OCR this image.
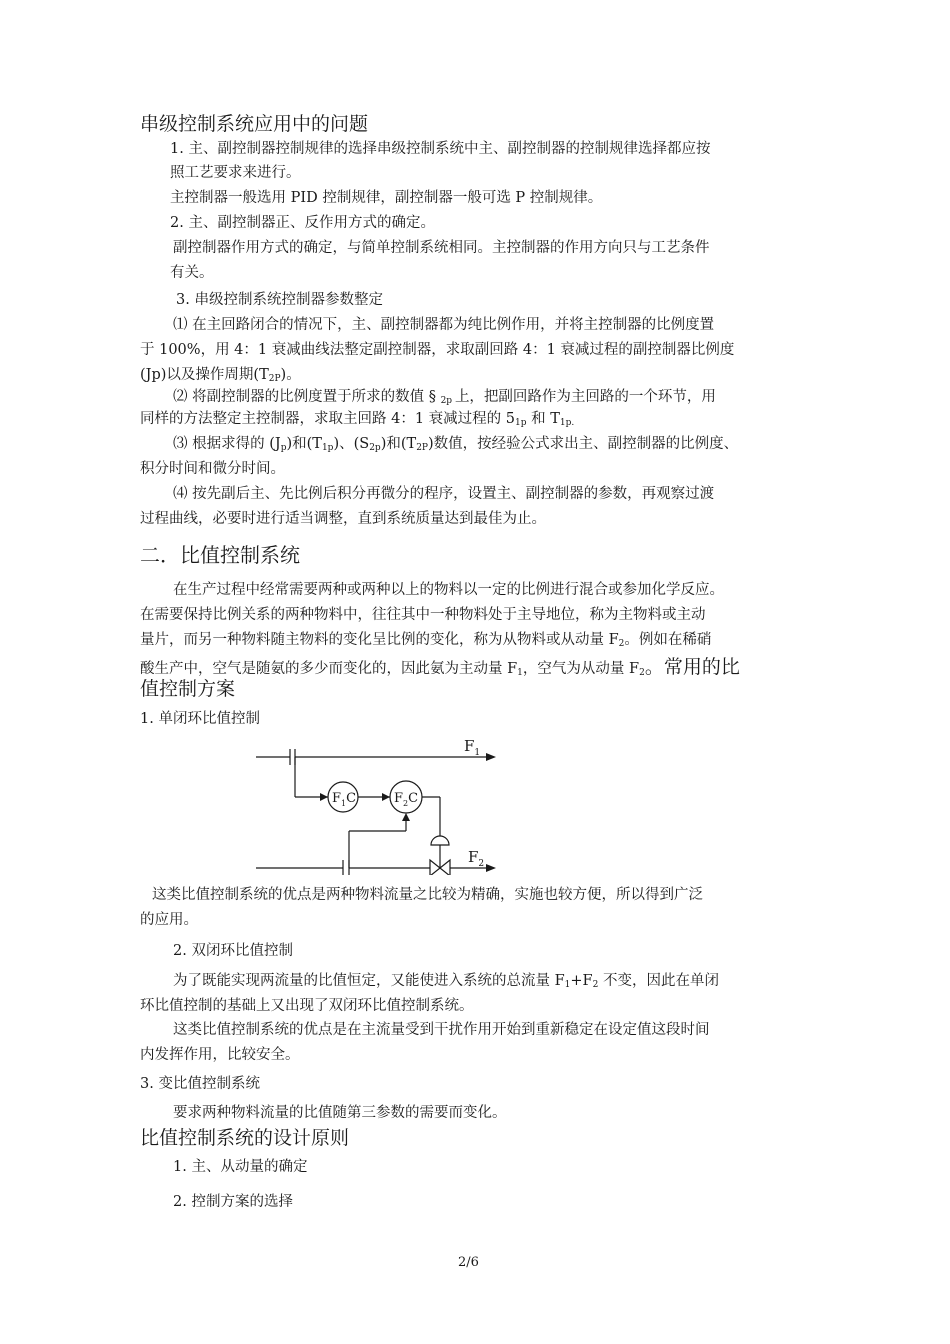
串级控制系统应用中的问题
1. 主、副控制器控制规律的选择串级控制系统中主、副控制器的控制规律选择都应按
照工艺要求来进行。
主控制器一般选用 PID 控制规律，副控制器一般可选 P 控制规律。
2. 主、副控制器正、反作用方式的确定。
副控制器作用方式的确定，与简单控制系统相同。主控制器的作用方向只与工艺条件
有关。
3. 串级控制系统控制器参数整定
⑴ 在主回路闭合的情况下，主、副控制器都为纯比例作用，并将主控制器的比例度置
于 100%，用 4：1 衰减曲线法整定副控制器，求取副回路 4：1 衰减过程的副控制器比例度
(Jp)以及操作周期$(T_{2P})$。
⑵ 将副控制器的比例度置于所求的数值 § $_{2p}$ 上，把副回路作为主回路的一个环节，用
同样的方法整定主控制器，求取主回路 4：1 衰减过程的 $5_{1p}$ 和 $T_{1p.}$
⑶ 根据求得的 $(J_p)$和$(T_{1p})$、$(S_{2p})$和$(T_{2P})$数值，按经验公式求出主、副控制器的比例度、
积分时间和微分时间。
⑷ 按先副后主、先比例后积分再微分的程序，设置主、副控制器的参数，再观察过渡
过程曲线，必要时进行适当调整，直到系统质量达到最佳为止。
二．比值控制系统
在生产过程中经常需要两种或两种以上的物料以一定的比例进行混合或参加化学反应。
在需要保持比例关系的两种物料中，往往其中一种物料处于主导地位，称为主物料或主动
量片，而另一种物料随主物料的变化呈比例的变化，称为从物料或从动量 $F_2$。例如在稀硝
酸生产中，空气是随氨的多少而变化的，因此氨为主动量 $F_1$，空气为从动量 $F_2$。常用的比
值控制方案
1. 单闭环比值控制
$F_1$
$F_2$
$F_1C$	$F_2C$
这类比值控制系统的优点是两种物料流量之比较为精确，实施也较方便，所以得到广泛
的应用。
2. 双闭环比值控制
为了既能实现两流量的比值恒定，又能使进入系统的总流量 $F_1+F_2$ 不变，因此在单闭
环比值控制的基础上又出现了双闭环比值控制系统。
这类比值控制系统的优点是在主流量受到干扰作用开始到重新稳定在设定值这段时间
内发挥作用，比较安全。
3. 变比值控制系统
要求两种物料流量的比值随第三参数的需要而变化。
比值控制系统的设计原则
1. 主、从动量的确定
2. 控制方案的选择
2/6
